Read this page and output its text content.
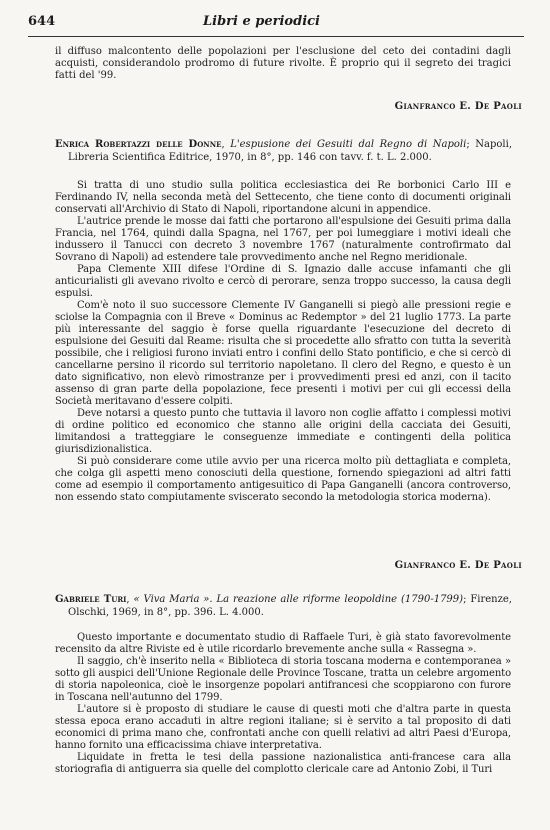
644	Libri e periodici

il diffuso malcontento delle popolazioni per l'esclusione del ceto dei contadini dagli acquisti, considerandolo prodromo di future rivolte. È proprio qui il segreto dei tragici fatti del '99.

Gianfranco E. De Paoli

Enrica Robertazzi delle Donne, L'espusione dei Gesuiti dal Regno di Napoli; Napoli, Libreria Scientifica Editrice, 1970, in 8°, pp. 146 con tavv. f. t. L. 2.000.

Si tratta di uno studio sulla politica ecclesiastica dei Re borbonici Carlo III e Ferdinando IV, nella seconda metà del Settecento, che tiene conto di documenti originali conservati all'Archivio di Stato di Napoli, riportandone alcuni in appendice.

L'autrice prende le mosse dai fatti che portarono all'espulsione dei Gesuiti prima dalla Francia, nel 1764, quindi dalla Spagna, nel 1767, per poi lumeggiare i motivi ideali che indussero il Tanucci con decreto 3 novembre 1767 (naturalmente controfirmato dal Sovrano di Napoli) ad estendere tale provvedimento anche nel Regno meridionale.

Papa Clemente XIII difese l'Ordine di S. Ignazio dalle accuse infamanti che gli anticurialisti gli avevano rivolto e cercò di perorare, senza troppo successo, la causa degli espulsi.

Com'è noto il suo successore Clemente IV Ganganelli si piegò alle pressioni regie e sciolse la Compagnia con il Breve « Dominus ac Redemptor » del 21 luglio 1773. La parte più interessante del saggio è forse quella riguardante l'esecuzione del decreto di espulsione dei Gesuiti dal Reame: risulta che si procedette allo sfratto con tutta la severità possibile, che i religiosi furono inviati entro i confini dello Stato pontificio, e che si cercò di cancellarne persino il ricordo sul territorio napoletano. Il clero del Regno, e questo è un dato significativo, non elevò rimostranze per i provvedimenti presi ed anzi, con il tacito assenso di gran parte della popolazione, fece presenti i motivi per cui gli eccessi della Società meritavano d'essere colpiti.

Deve notarsi a questo punto che tuttavia il lavoro non coglie affatto i complessi motivi di ordine politico ed economico che stanno alle origini della cacciata dei Gesuiti, limitandosi a tratteggiare le conseguenze immediate e contingenti della politica giurisdizionalistica.

Si può considerare come utile avvio per una ricerca molto più dettagliata e completa, che colga gli aspetti meno conosciuti della questione, fornendo spiegazioni ad altri fatti come ad esempio il comportamento antigesuitico di Papa Ganganelli (ancora controverso, non essendo stato compiutamente sviscerato secondo la metodologia storica moderna).

Gianfranco E. De Paoli

Gabriele Turi, « Viva Maria ». La reazione alle riforme leopoldine (1790-1799); Firenze, Olschki, 1969, in 8°, pp. 396. L. 4.000.

Questo importante e documentato studio di Raffaele Turi, è già stato favorevolmente recensito da altre Riviste ed è utile ricordarlo brevemente anche sulla « Rassegna ».

Il saggio, ch'è inserito nella « Biblioteca di storia toscana moderna e contemporanea » sotto gli auspici dell'Unione Regionale delle Province Toscane, tratta un celebre argomento di storia napoleonica, cioè le insorgenze popolari antifrancesi che scoppiarono con furore in Toscana nell'autunno del 1799.

L'autore si è proposto di studiare le cause di questi moti che d'altra parte in questa stessa epoca erano accaduti in altre regioni italiane; si è servito a tal proposito di dati economici di prima mano che, confrontati anche con quelli relativi ad altri Paesi d'Europa, hanno fornito una efficacissima chiave interpretativa.

Liquidate in fretta le tesi della passione nazionalistica anti-francese cara alla storiografia di antiguerra sia quelle del complotto clericale care ad Antonio Zobi, il Turi
